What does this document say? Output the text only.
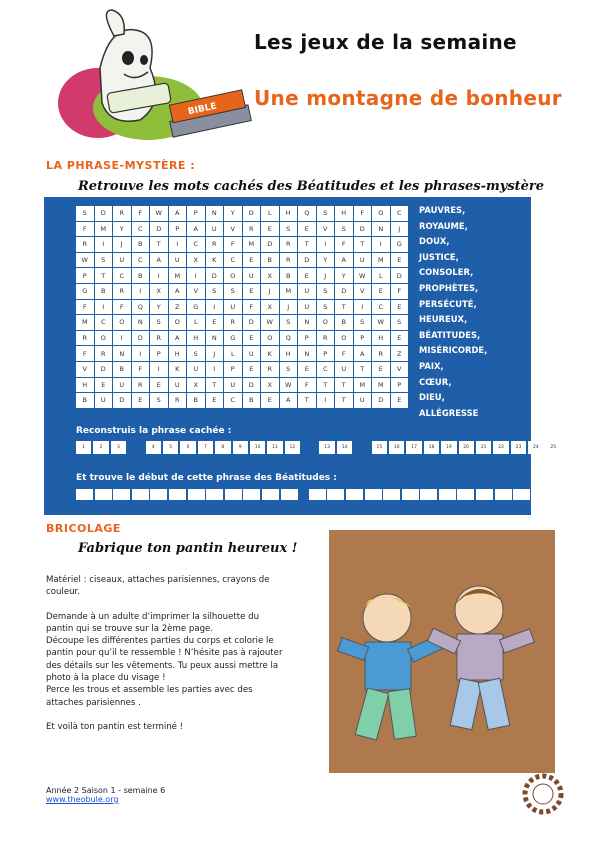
BIBLE
Les jeux de la semaine
Une montagne de bonheur
LA PHRASE-MYSTÈRE :
Retrouve les mots cachés des Béatitudes et les phrases-mystère
S	D	R	F	W	A	P	N	Y	D	L	H	Q	S	H	F	O	C
F	M	Y	C	D	P	A	U	V	R	E	S	E	V	S	D	N	J
R	I	J	B	T	I	C	R	F	M	D	R	T	I	F	T	I	G
W	S	U	C	A	U	X	K	C	E	B	R	D	Y	A	U	M	E
P	T	C	B	I	M	I	D	O	U	X	B	E	J	Y	W	L	D
G	B	R	I	X	A	V	S	S	E	J	M	U	S	D	V	E	F
F	I	F	Q	Y	Z	G	I	U	F	X	J	U	S	T	I	C	E
M	C	O	N	S	O	L	E	R	D	W	S	N	O	B	S	W	S
R	O	I	D	R	A	H	N	G	E	O	Q	P	R	O	P	H	E
F	R	N	I	P	H	S	J	L	U	K	H	N	P	F	A	R	Z
V	D	B	F	I	K	U	I	P	E	R	S	E	C	U	T	E	V
H	E	U	R	E	U	X	T	U	D	X	W	F	T	T	M	M	P
B	U	D	E	S	R	B	E	C	B	E	A	T	I	T	U	D	E
PAUVRES,
ROYAUME,
DOUX,
JUSTICE,
CONSOLER,
PROPHÈTES,
PERSÉCUTÉ,
HEUREUX,
BÉATITUDES,
MISÉRICORDE,
PAIX,
CŒUR,
DIEU,
ALLÉGRESSE
Reconstruis la phrase cachée :
1	2	3	4	5	6	7	8	9	10	11	12	13	14	15	16	17	18	19	20	21	22	23	24	25
Et trouve le début de cette phrase des Béatitudes :
BRICOLAGE
Fabrique ton pantin heureux !

Matériel : ciseaux, attaches parisiennes, crayons de couleur.

Demande à un adulte d’imprimer la silhouette du pantin qui se trouve sur la 2ème page.
Découpe les différentes parties du corps et colorie le pantin pour qu’il te ressemble ! N’hésite pas à rajouter des détails sur les vêtements. Tu peux aussi mettre la photo à la place du visage !
Perce les trous et assemble les parties avec des attaches parisiennes .

Et voilà ton pantin est terminé !

Année 2 Saison 1 - semaine 6
www.theobule.org
